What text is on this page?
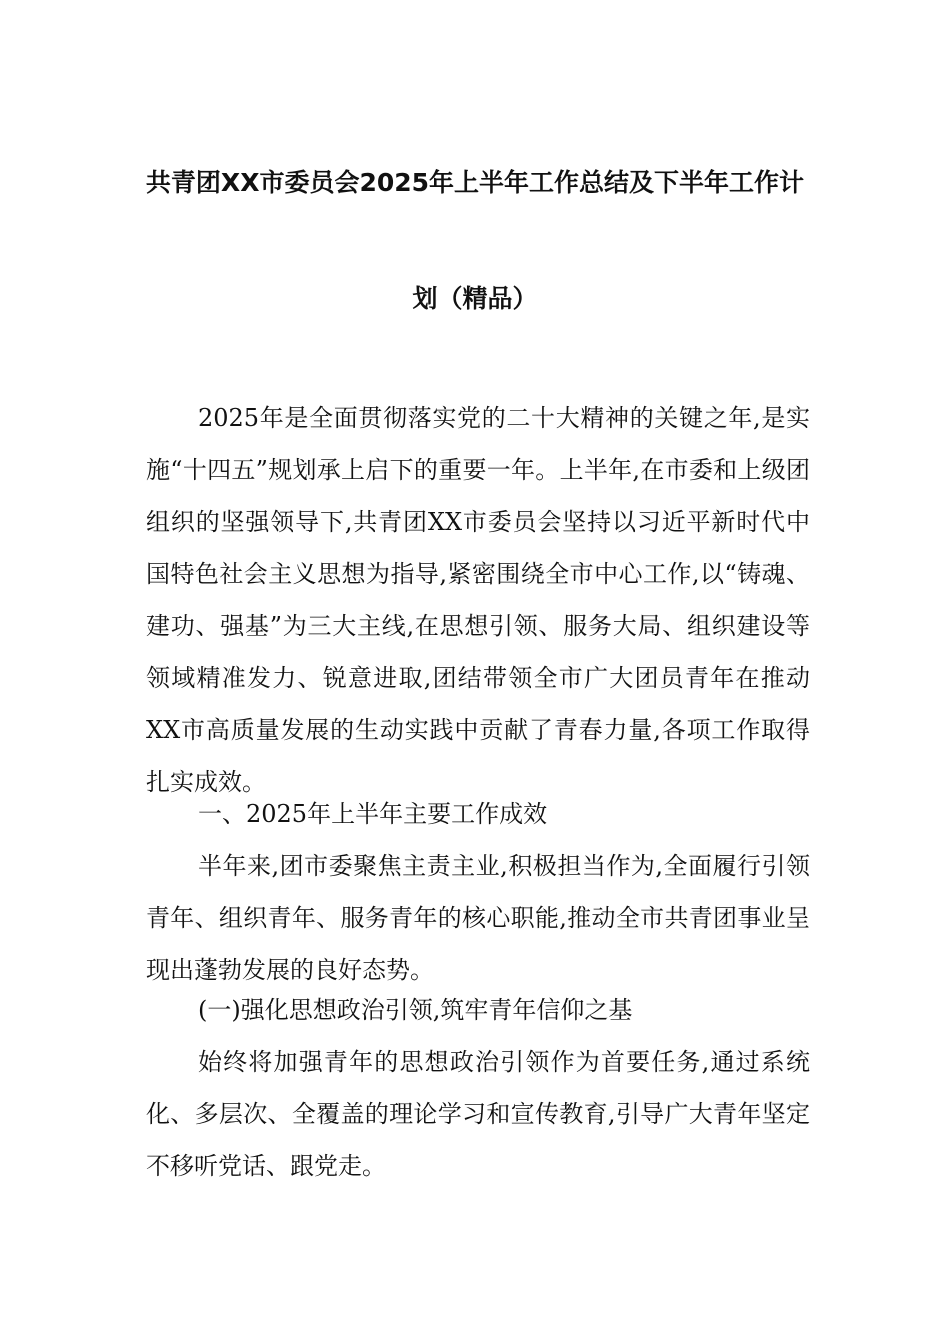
共青团XX市委员会2025年上半年工作总结及下半年工作计
划（精品）

2025年是全面贯彻落实党的二十大精神的关键之年,是实施“十四五”规划承上启下的重要一年。上半年,在市委和上级团组织的坚强领导下,共青团XX市委员会坚持以习近平新时代中国特色社会主义思想为指导,紧密围绕全市中心工作,以“铸魂、建功、强基”为三大主线,在思想引领、服务大局、组织建设等领域精准发力、锐意进取,团结带领全市广大团员青年在推动XX市高质量发展的生动实践中贡献了青春力量,各项工作取得扎实成效。

一、2025年上半年主要工作成效

半年来,团市委聚焦主责主业,积极担当作为,全面履行引领青年、组织青年、服务青年的核心职能,推动全市共青团事业呈现出蓬勃发展的良好态势。

(一)强化思想政治引领,筑牢青年信仰之基

始终将加强青年的思想政治引领作为首要任务,通过系统化、多层次、全覆盖的理论学习和宣传教育,引导广大青年坚定不移听党话、跟党走。
